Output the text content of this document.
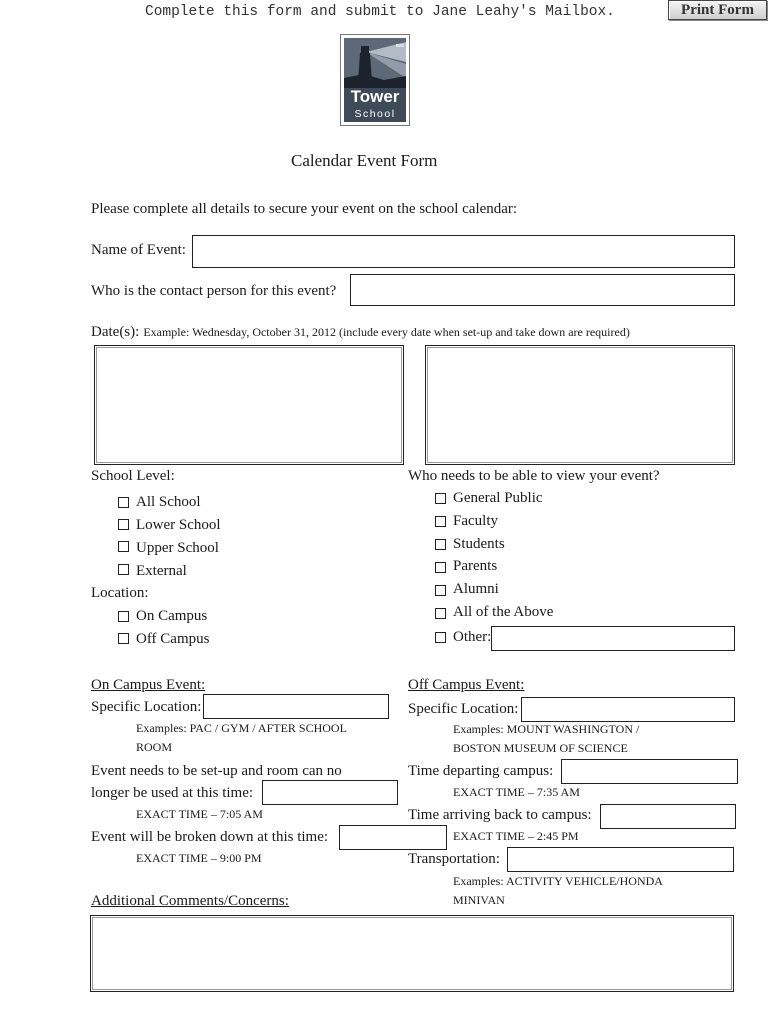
Complete this form and submit to Jane Leahy's Mailbox.	Print Form
Tower
School
Calendar Event Form
Please complete all details to secure your event on the school calendar:
Name of Event:
Who is the contact person for this event?
Date(s): Example: Wednesday, October 31, 2012 (include every date when set-up and take down are required)
School Level:
All School
Lower School
Upper School
External
Location:
On Campus
Off Campus
Who needs to be able to view your event?
General Public
Faculty
Students
Parents
Alumni
All of the Above
Other:
On Campus Event:
Specific Location:
Examples: PAC / GYM / AFTER SCHOOL
ROOM
Event needs to be set-up and room can no
longer be used at this time:
EXACT TIME – 7:05 AM
Event will be broken down at this time:
EXACT TIME – 9:00 PM
Off Campus Event:
Specific Location:
Examples: MOUNT WASHINGTON /
BOSTON MUSEUM OF SCIENCE
Time departing campus:
EXACT TIME – 7:35 AM
Time arriving back to campus:
EXACT TIME – 2:45 PM
Transportation:
Examples: ACTIVITY VEHICLE/HONDA
MINIVAN
Additional Comments/Concerns:
